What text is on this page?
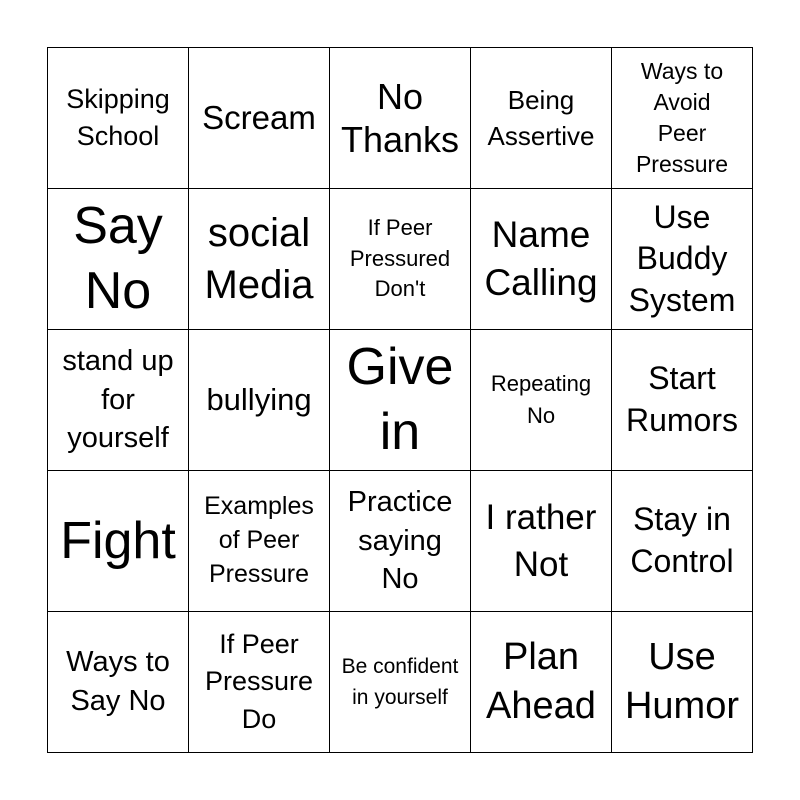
Skipping School	Scream
No Thanks
Being Assertive
Ways to Avoid Peer Pressure
Say No
social Media
If Peer Pressured Don't
Name Calling
Use Buddy System
stand up for yourself
bullying
Give in
Repeating No
Start Rumors
Fight
Examples of Peer Pressure
Practice saying No
I rather Not
Stay in Control
Ways to Say No
If Peer Pressure Do
Be confident in yourself
Plan Ahead
Use Humor
